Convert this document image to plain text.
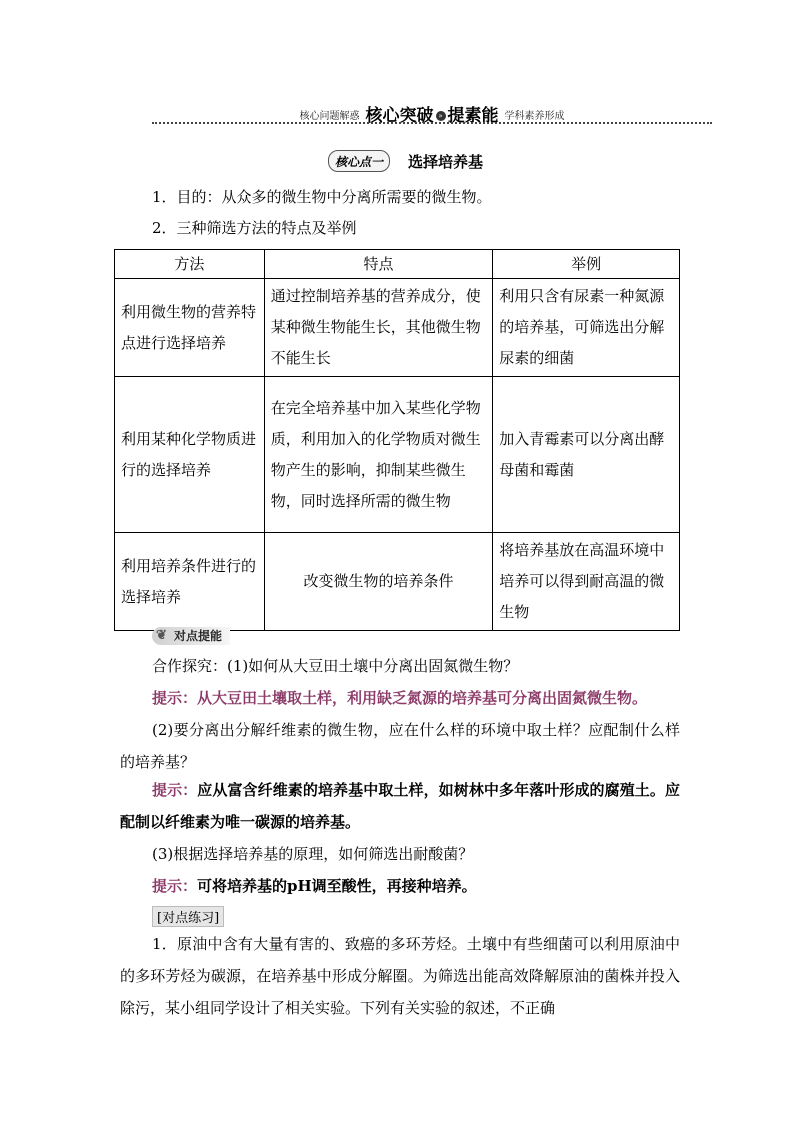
核心问题解惑 核心突破 » 提素能 学科素养形成
核心点一	选择培养基
1．目的：从众多的微生物中分离所需要的微生物。
2．三种筛选方法的特点及举例
方法	特点	举例
利用微生物的营养特点进行选择培养	通过控制培养基的营养成分，使某种微生物能生长，其他微生物不能生长	利用只含有尿素一种氮源的培养基，可筛选出分解尿素的细菌
利用某种化学物质进行的选择培养	在完全培养基中加入某些化学物质，利用加入的化学物质对微生物产生的影响，抑制某些微生物，同时选择所需的微生物	加入青霉素可以分离出酵母菌和霉菌
利用培养条件进行的选择培养	改变微生物的培养条件	将培养基放在高温环境中培养可以得到耐高温的微生物
❦ 对点提能
合作探究：(1)如何从大豆田土壤中分离出固氮微生物？
提示：从大豆田土壤取土样，利用缺乏氮源的培养基可分离出固氮微生物。
(2)要分离出分解纤维素的微生物，应在什么样的环境中取土样？应配制什么样的培养基？
提示：应从富含纤维素的培养基中取土样，如树林中多年落叶形成的腐殖土。应配制以纤维素为唯一碳源的培养基。
(3)根据选择培养基的原理，如何筛选出耐酸菌？
提示：可将培养基的pH调至酸性，再接种培养。
[对点练习]
1．原油中含有大量有害的、致癌的多环芳烃。土壤中有些细菌可以利用原油中的多环芳烃为碳源，在培养基中形成分解圈。为筛选出能高效降解原油的菌株并投入除污，某小组同学设计了相关实验。下列有关实验的叙述，不正确
